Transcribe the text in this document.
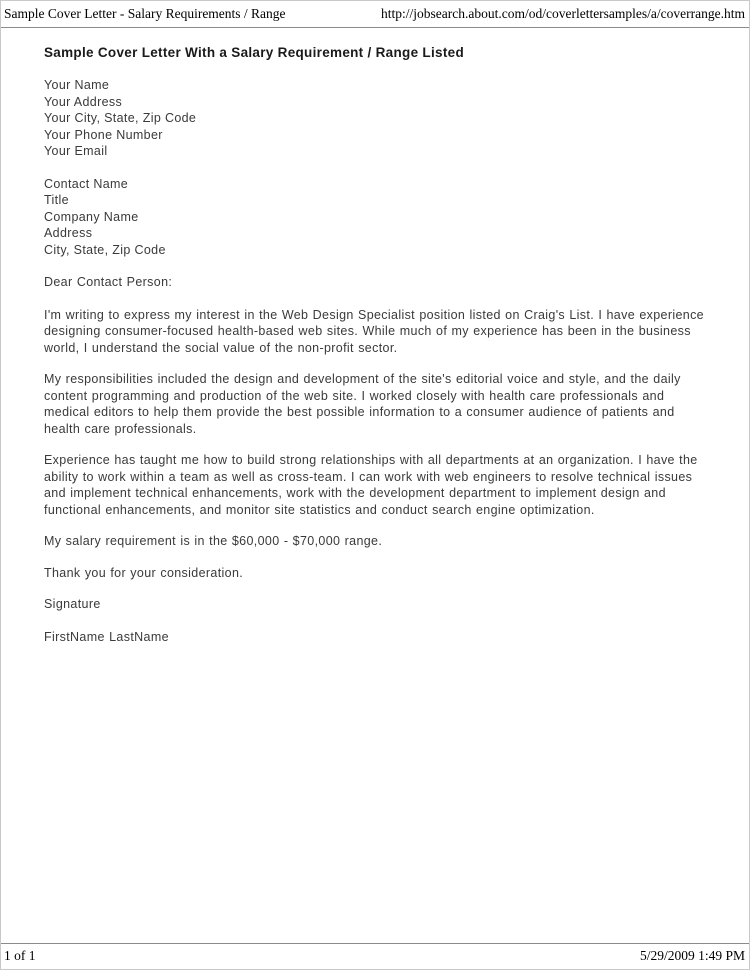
Sample Cover Letter - Salary Requirements / Range	http://jobsearch.about.com/od/coverlettersamples/a/coverrange.htm
Sample Cover Letter With a Salary Requirement / Range Listed
Your Name
Your Address
Your City, State, Zip Code
Your Phone Number
Your Email
Contact Name
Title
Company Name
Address
City, State, Zip Code

Dear Contact Person:

I'm writing to express my interest in the Web Design Specialist position listed on Craig's List. I have experience designing consumer-focused health-based web sites. While much of my experience has been in the business world, I understand the social value of the non-profit sector.

My responsibilities included the design and development of the site's editorial voice and style, and the daily content programming and production of the web site. I worked closely with health care professionals and medical editors to help them provide the best possible information to a consumer audience of patients and health care professionals.

Experience has taught me how to build strong relationships with all departments at an organization. I have the ability to work within a team as well as cross-team. I can work with web engineers to resolve technical issues and implement technical enhancements, work with the development department to implement design and functional enhancements, and monitor site statistics and conduct search engine optimization.

My salary requirement is in the $60,000 - $70,000 range.

Thank you for your consideration.

Signature

FirstName LastName

1 of 1	5/29/2009 1:49 PM
